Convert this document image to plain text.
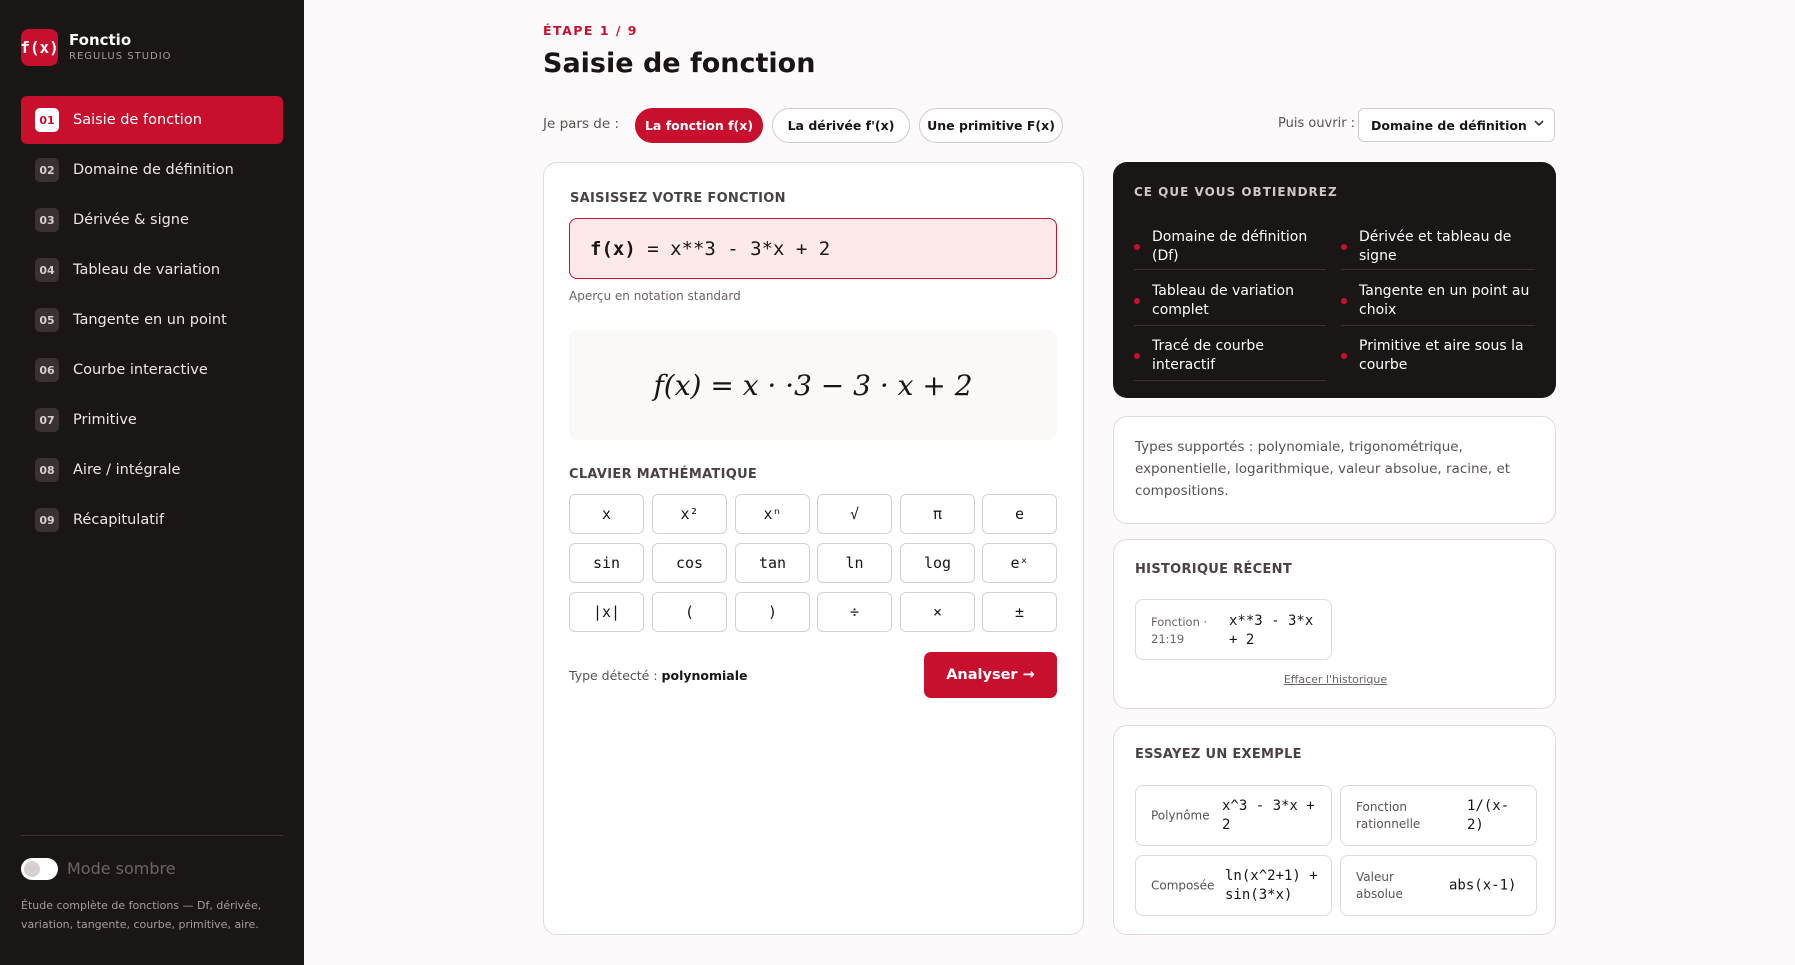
f(x) Fonctio
REGULUS STUDIO
01 Saisie de fonction
02 Domaine de définition
03 Dérivée & signe
04 Tableau de variation
05 Tangente en un point
06 Courbe interactive
07 Primitive
08 Aire / intégrale
09 Récapitulatif
Mode sombre
Étude complète de fonctions — Df, dérivée, variation, tangente, courbe, primitive, aire.
ÉTAPE 1 / 9
Saisie de fonction
Je pars de :	La fonction f(x)	La dérivée f'(x)	Une primitive F(x)	Puis ouvrir : Domaine de définition
SAISISSEZ VOTRE FONCTION
f(x)
= x**3 - 3*x + 2
Aperçu en notation standard
f(x) = x · ·3 − 3 · x + 2
CLAVIER MATHÉMATIQUE
x	x²	xⁿ	√	π	e
sin	cos	tan	ln	log	eˣ
|x|	(	)	÷	×	±
Type détecté : polynomiale	Analyser →
CE QUE VOUS OBTIENDREZ
Domaine de définition (Df)
Dérivée et tableau de signe
Tableau de variation complet
Tangente en un point au choix
Tracé de courbe interactif
Primitive et aire sous la courbe

Types supportés : polynomiale, trigonométrique, exponentielle, logarithmique, valeur absolue, racine, et compositions.

HISTORIQUE RÉCENT
Fonction · 21:19
x**3 - 3*x + 2
Effacer l'historique
ESSAYEZ UN EXEMPLE
Polynôme
x^3 - 3*x + 2
Fonction rationnelle
1/(x-2)
Composée
ln(x^2+1) + sin(3*x)
Valeur absolue
abs(x-1)
